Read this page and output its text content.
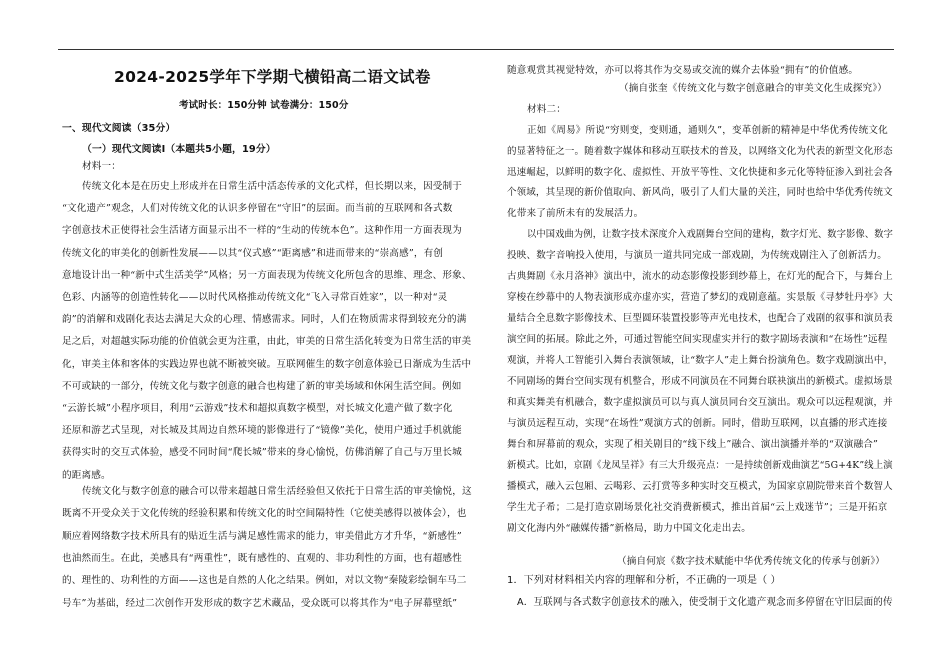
2024-2025学年下学期弋横铅高二语文试卷
考试时长：150分钟 试卷满分：150分
一、现代文阅读（35分）
（一）现代文阅读Ⅰ（本题共5小题，19分）
材料一：
传统文化本是在历史上形成并在日常生活中活态传承的文化式样，但长期以来，因受制于
“文化遗产”观念，人们对传统文化的认识多停留在“守旧”的层面。而当前的互联网和各式数
字创意技术正使得社会生活诸方面显示出不一样的“生动的传统本色”。这种作用一方面表现为
传统文化的审美化的创新性发展——以其“仪式感”“距离感”和进而带来的“崇高感”，有创
意地设计出一种“新中式生活美学”风格；另一方面表现为传统文化所包含的思维、理念、形象、
色彩、内涵等的创造性转化——以时代风格推动传统文化“飞入寻常百姓家”，以一种对“灵
韵”的消解和戏剧化表达去满足大众的心理、情感需求。同时，人们在物质需求得到较充分的满
足之后，对超越实际功能的价值就会更为注重，由此，审美的日常生活化转变为日常生活的审美
化，审美主体和客体的实践边界也就不断被突破。互联网催生的数字创意体验已日渐成为生活中
不可或缺的一部分，传统文化与数字创意的融合也构建了新的审美场域和休闲生活空间。例如
“云游长城”小程序项目，利用“云游戏”技术和超拟真数字模型，对长城文化遗产做了数字化
还原和游艺式呈现，对长城及其周边自然环境的影像进行了“镜像”美化，使用户通过手机就能
获得实时的交互式体验，感受不同时间“爬长城”带来的身心愉悦，仿佛消解了自己与万里长城
的距离感。
传统文化与数字创意的融合可以带来超越日常生活经验但又依托于日常生活的审美愉悦，这
既离不开受众关于文化传统的经验积累和传统文化的时空间隔特性（它使美感得以被体会），也
顺应着网络数字技术所具有的贴近生活与满足感性需求的能力，审美借此方才升华，“新感性”
也油然而生。在此，美感具有“两重性”，既有感性的、直观的、非功利性的方面，也有超感性
的、理性的、功利性的方面——这也是自然的人化之结果。例如，对以文物“秦陵彩绘铜车马二
号车”为基础，经过二次创作开发形成的数字艺术藏品，受众既可以将其作为“电子屏幕壁纸”
随意观赏其视觉特效，亦可以将其作为交易或交流的媒介去体验“拥有”的价值感。
（摘自张奎《传统文化与数字创意融合的审美文化生成探究》）
材料二：
正如《周易》所说“穷则变，变则通，通则久”，变革创新的精神是中华优秀传统文化
的显著特征之一。随着数字媒体和移动互联技术的普及，以网络文化为代表的新型文化形态
迅速崛起，以鲜明的数字化、虚拟性、开放平等性、文化快捷和多元化等特征渗入到社会各
个领域，其呈现的新价值取向、新风尚，吸引了人们大量的关注，同时也给中华优秀传统文
化带来了前所未有的发展活力。
以中国戏曲为例，让数字技术深度介入戏剧舞台空间的建构，数字灯光、数字影像、数字
投映、数字音响投入使用，与演员一道共同完成一部戏剧，为传统戏剧注入了创新活力。
古典舞剧《永月洛神》演出中，流水的动态影像投影到纱幕上，在灯光的配合下，与舞台上
穿梭在纱幕中的人物表演形成亦虚亦实，营造了梦幻的戏剧意蕴。实景版《寻梦牡丹亭》大
量结合全息数字影像技术、巨型圆环装置投影等声光电技术，也配合了戏剧的叙事和演员表
演空间的拓展。除此之外，可通过智能空间实现虚实并行的数字剧场表演和“在场性”远程
观演，并将人工智能引入舞台表演领域，让“数字人”走上舞台扮演角色。数字戏剧演出中，
不同剧场的舞台空间实现有机整合，形成不同演员在不同舞台联袂演出的新模式。虚拟场景
和真实舞美有机融合，数字虚拟演员可以与真人演员同台交互演出。观众可以远程观演，并
与演员远程互动，实现“在场性”观演方式的创新。同时，借助互联网，以直播的形式连接
舞台和屏幕前的观众，实现了相关剧目的“线下线上”融合、演出演播并举的“双演融合”
新模式。比如，京剧《龙凤呈祥》有三大升级亮点：一是持续创新戏曲演艺“5G+4K”线上演
播模式，融入云包厢、云喝彩、云打赏等多种实时交互模式，为国家京剧院带来首个数智人
学生尤子希；二是打造京剧场景化社交消费新模式，推出首届“云上戏迷节”；三是开拓京
剧文化海内外“融媒传播”新格局，助力中国文化走出去。
（摘自何宸《数字技术赋能中华优秀传统文化的传承与创新》）
1．下列对材料相关内容的理解和分析，不正确的一项是（ ）
A．互联网与各式数字创意技术的融入，使受制于文化遗产观念而多停留在守旧层面的传
